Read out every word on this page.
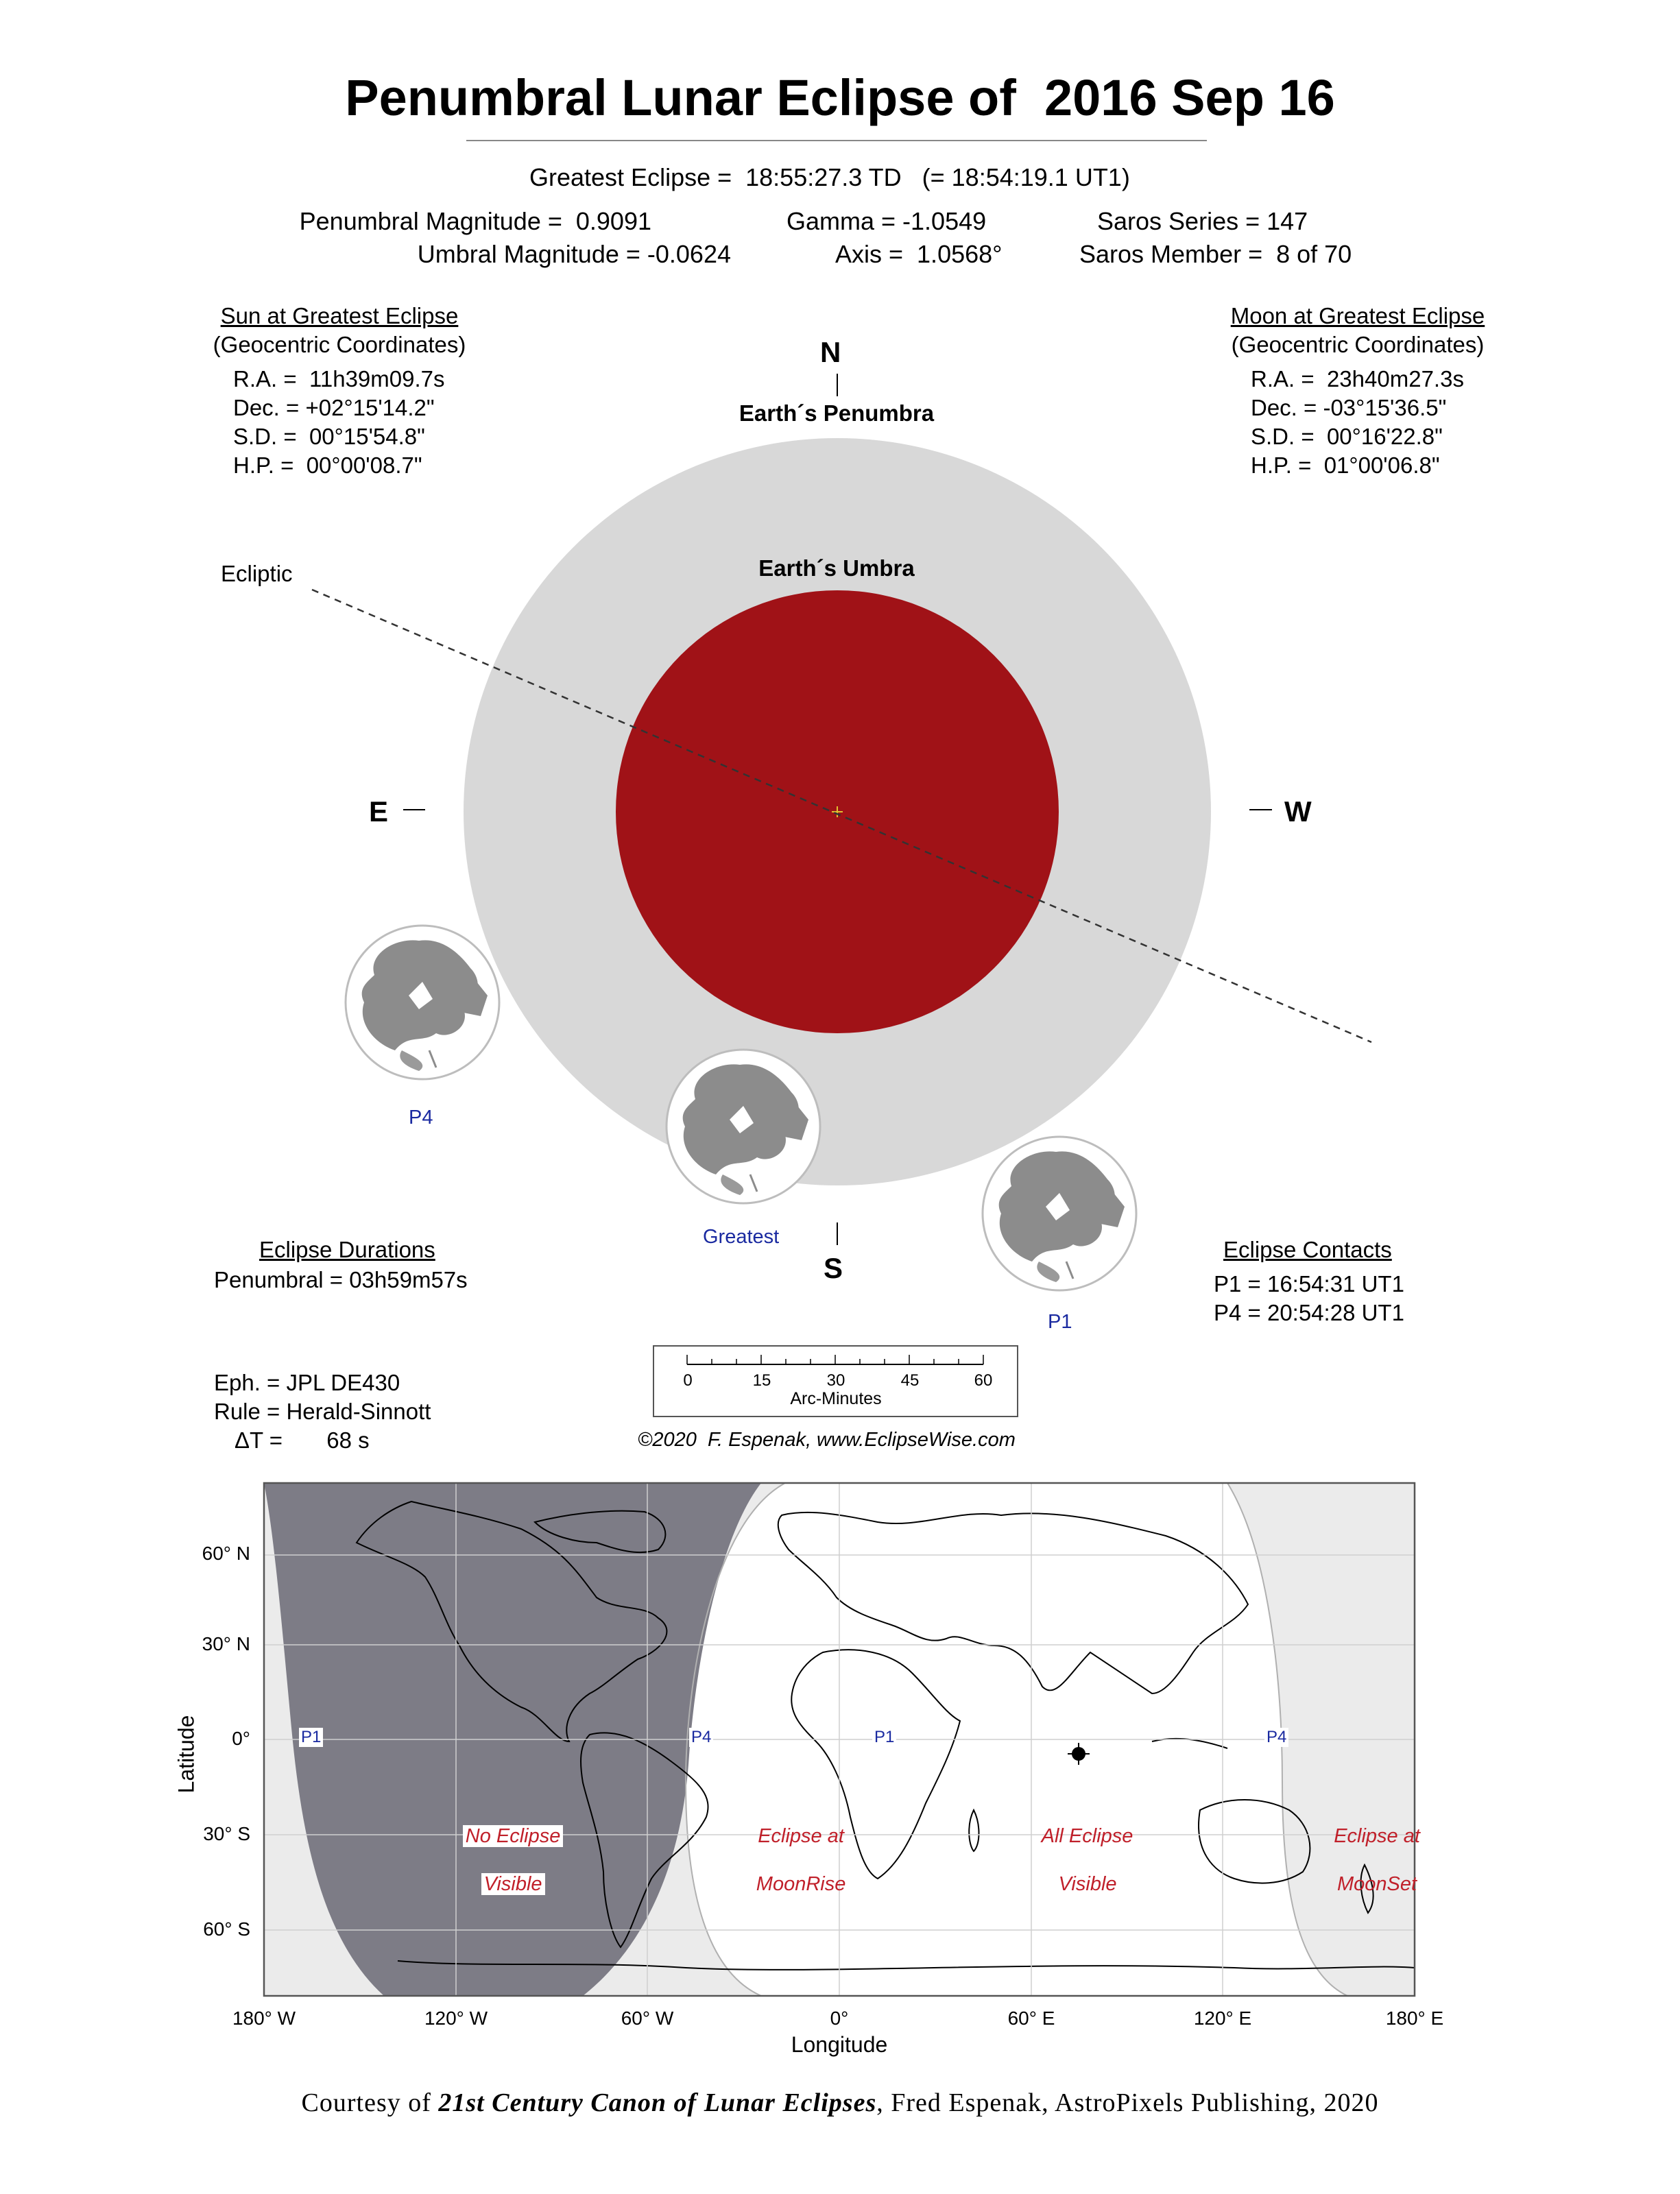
Penumbral Lunar Eclipse of  2016 Sep 16
Greatest Eclipse =  18:55:27.3 TD   (= 18:54:19.1 UT1)
Penumbral Magnitude =  0.9091
Umbral Magnitude = -0.0624
Gamma = -1.0549
Axis =  1.0568°
Saros Series = 147
Saros Member =  8 of 70
Sun at Greatest Eclipse
(Geocentric Coordinates)
R.A. =  11h39m09.7s
Dec. = +02°15'14.2"
S.D. =  00°15'54.8"
H.P. =  00°00'08.7"
Moon at Greatest Eclipse
(Geocentric Coordinates)
R.A. =  23h40m27.3s
Dec. = -03°15'36.5"
S.D. =  00°16'22.8"
H.P. =  01°00'06.8"
N
S
E	W
Earth´s Penumbra
Earth´s Umbra
Ecliptic
P4
Greatest
P1
Eclipse Durations
Penumbral = 03h59m57s
Eclipse Contacts
P1 = 16:54:31 UT1
P4 = 20:54:28 UT1
Eph. = JPL DE430
Rule = Herald-Sinnott
ΔT =       68 s

0

	15

	30

	45

	60

Arc-Minutes

©2020  F. Espenak, www.EclipseWise.com
P1	P4	P1	P4

No Eclipse

Visible

Eclipse at

MoonRise

All Eclipse

Visible

Eclipse at

MoonSet

60° N
30° N
0°
30° S
60° S
Latitude
180° W	120° W	60° W	0°	60° E	120° E	180° E
Longitude
Courtesy of 21st Century Canon of Lunar Eclipses, Fred Espenak, AstroPixels Publishing, 2020
